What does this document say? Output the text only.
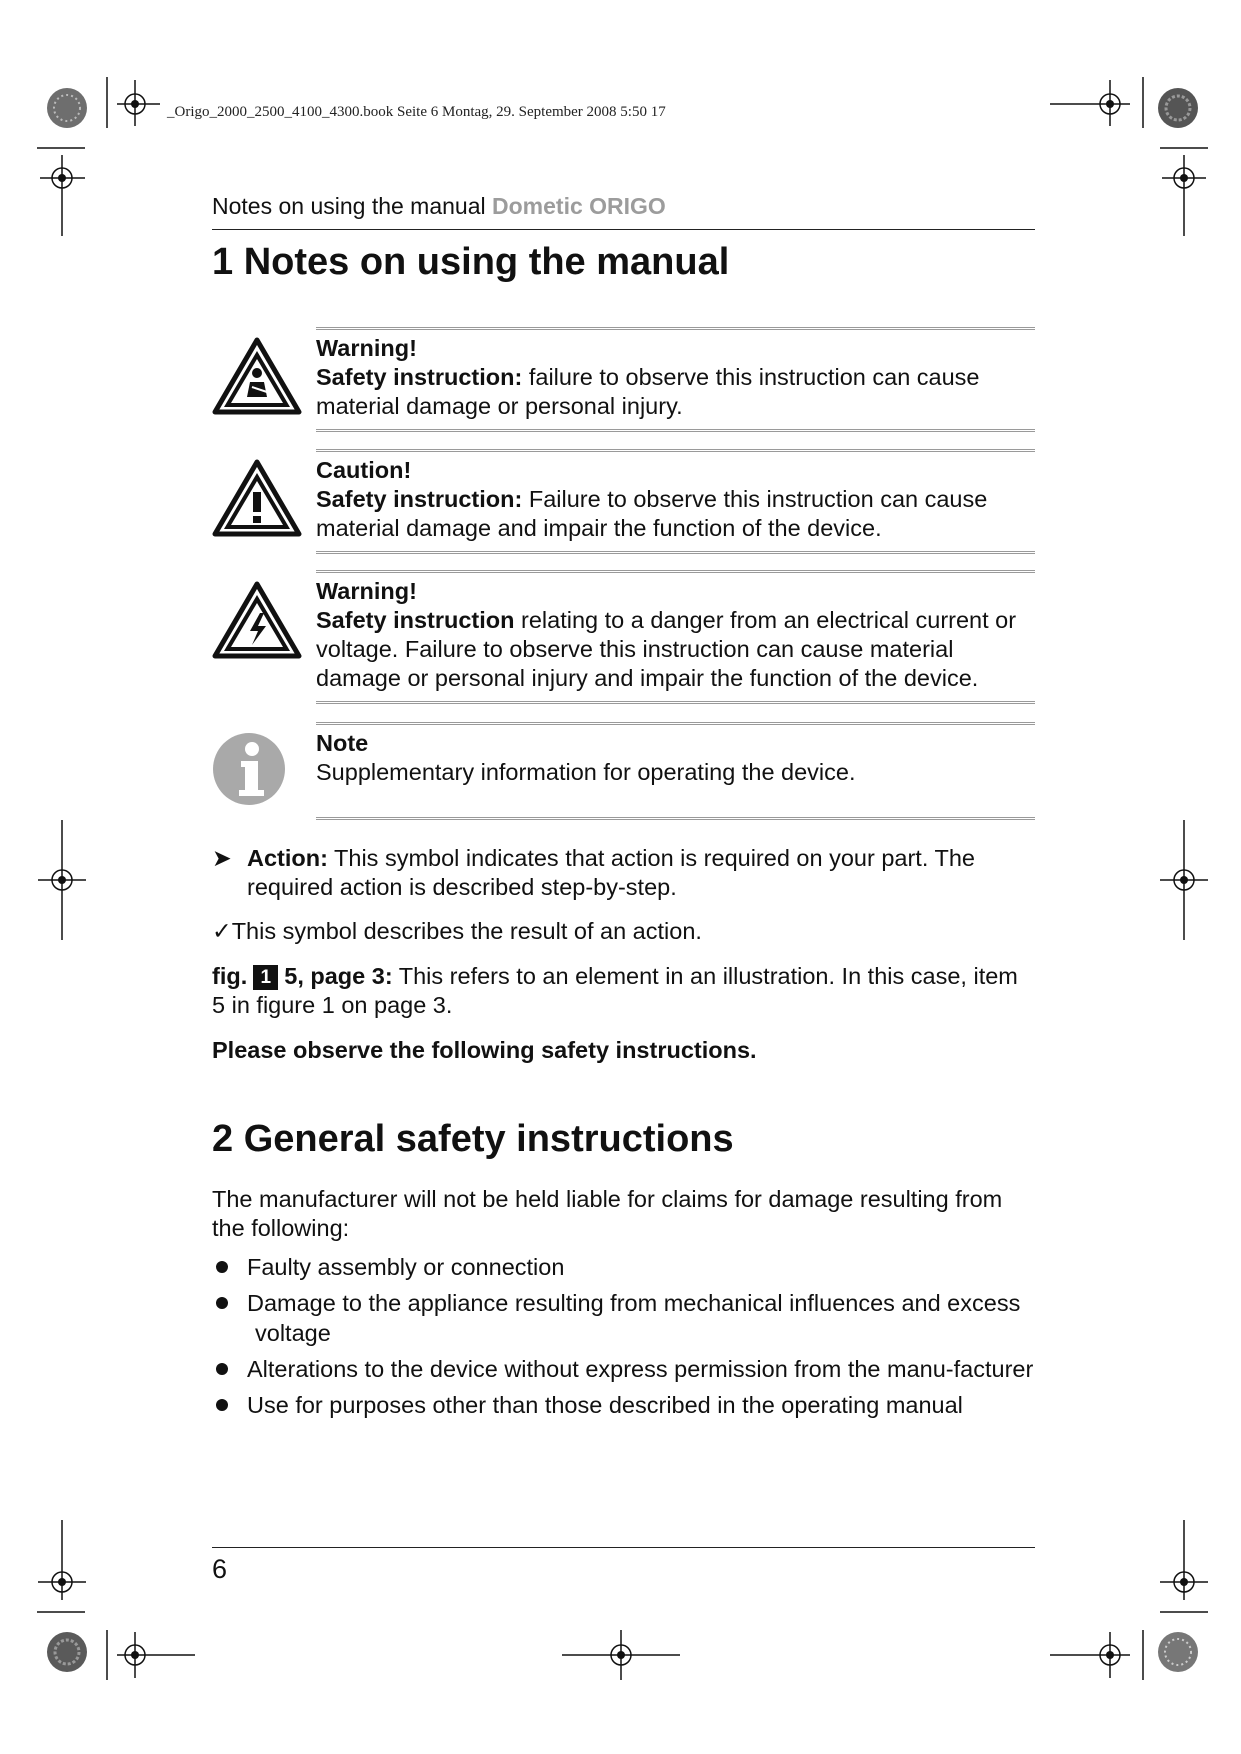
_Origo_2000_2500_4100_4300.book Seite 6 Montag, 29. September 2008 5:50 17
Notes on using the manual Dometic ORIGO
1 Notes on using the manual
Warning!
Safety instruction: failure to observe this instruction can cause material damage or personal injury.
Caution!
Safety instruction: Failure to observe this instruction can cause material damage and impair the function of the device.
Warning!
Safety instruction relating to a danger from an electrical current or voltage. Failure to observe this instruction can cause material damage or personal injury and impair the function of the device.
Note
Supplementary information for operating the device.
➤ Action: This symbol indicates that action is required on your part. The required action is described step-by-step.
✓This symbol describes the result of an action.
fig. 1 5, page 3: This refers to an element in an illustration. In this case, item 5 in figure 1 on page 3.
Please observe the following safety instructions.
2 General safety instructions
The manufacturer will not be held liable for claims for damage resulting from the following:
Faulty assembly or connection
Damage to the appliance resulting from mechanical influences and excess voltage
Alterations to the device without express permission from the manu-facturer
Use for purposes other than those described in the operating manual
6
